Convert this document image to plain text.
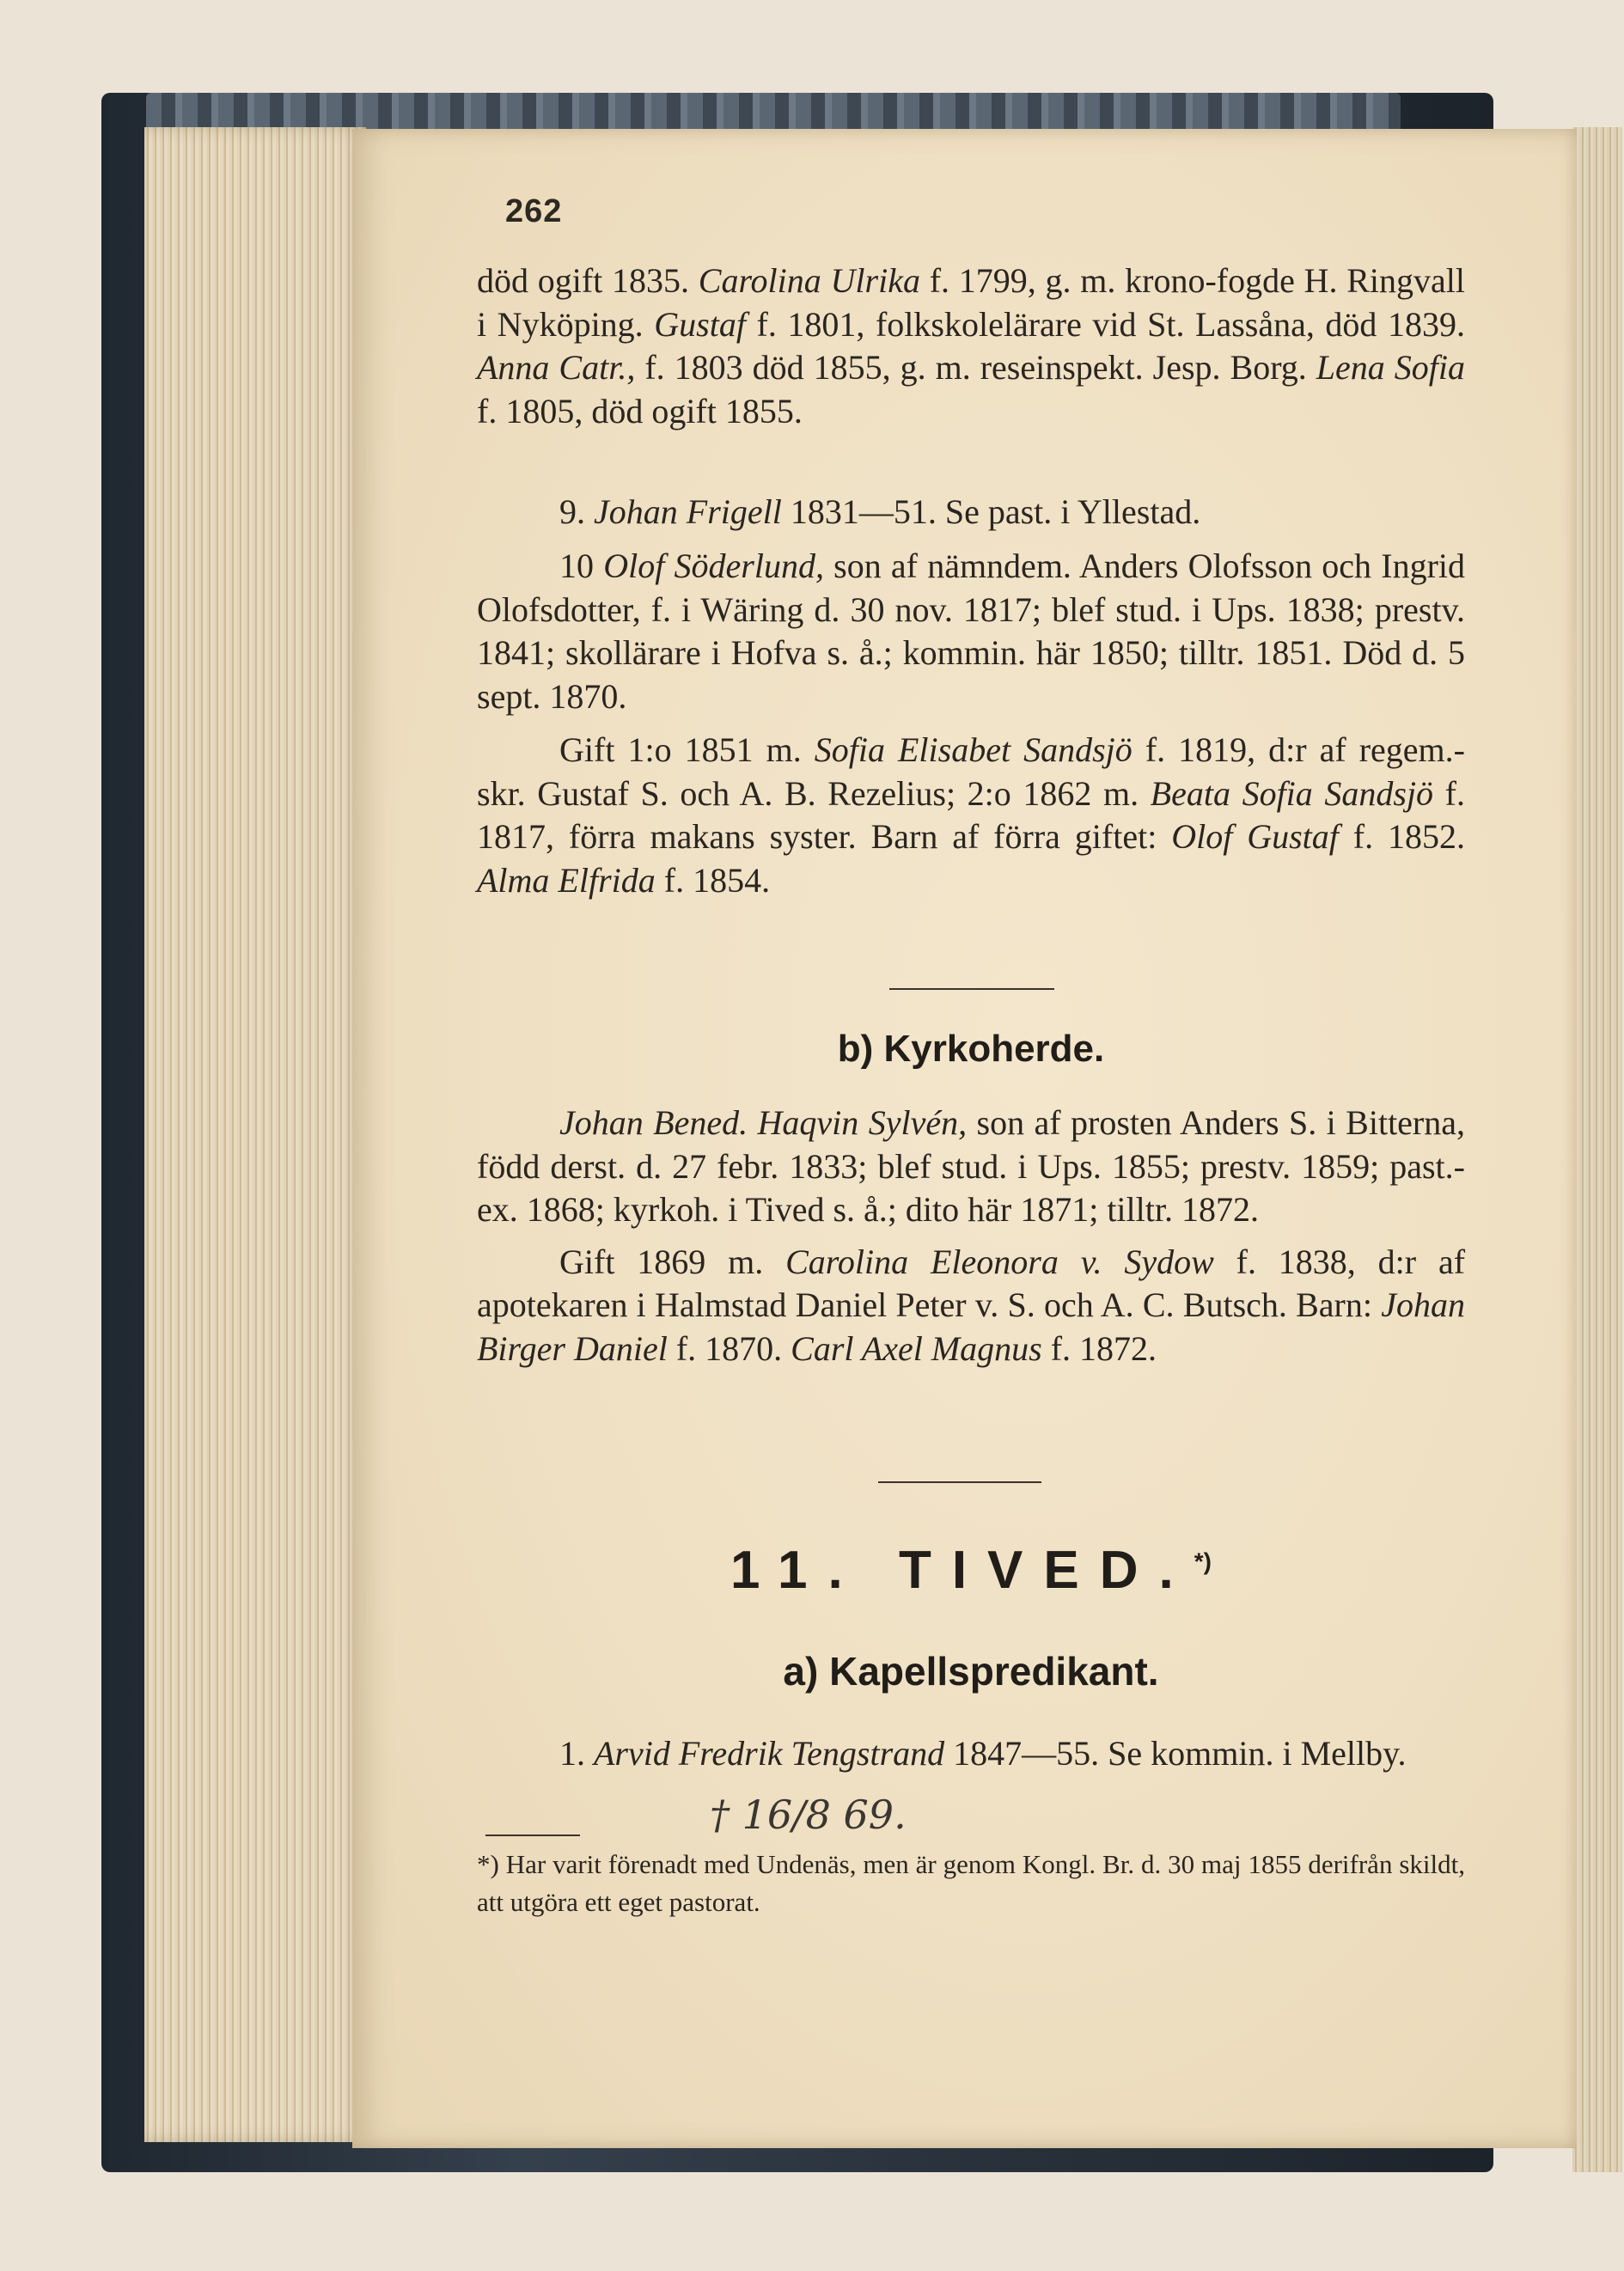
262

död ogift 1835. Carolina Ulrika f. 1799, g. m. krono-fogde H. Ringvall i Nyköping. Gustaf f. 1801, folkskolelärare vid St. Lassåna, död 1839. Anna Catr., f. 1803 död 1855, g. m. reseinspekt. Jesp. Borg. Lena Sofia f. 1805, död ogift 1855.

9. Johan Frigell 1831—51. Se past. i Yllestad.

10 Olof Söderlund, son af nämndem. Anders Olofsson och Ingrid Olofsdotter, f. i Wäring d. 30 nov. 1817; blef stud. i Ups. 1838; prestv. 1841; skollärare i Hofva s. å.; kommin. här 1850; tilltr. 1851. Död d. 5 sept. 1870.

Gift 1:o 1851 m. Sofia Elisabet Sandsjö f. 1819, d:r af regem.-skr. Gustaf S. och A. B. Rezelius; 2:o 1862 m. Beata Sofia Sandsjö f. 1817, förra makans syster. Barn af förra giftet: Olof Gustaf f. 1852. Alma Elfrida f. 1854.

b) Kyrkoherde.

Johan Bened. Haqvin Sylvén, son af prosten Anders S. i Bitterna, född derst. d. 27 febr. 1833; blef stud. i Ups. 1855; prestv. 1859; past.-ex. 1868; kyrkoh. i Tived s. å.; dito här 1871; tilltr. 1872.

Gift 1869 m. Carolina Eleonora v. Sydow f. 1838, d:r af apotekaren i Halmstad Daniel Peter v. S. och A. C. Butsch. Barn: Johan Birger Daniel f. 1870. Carl Axel Magnus f. 1872.

11. TIVED.*)
a) Kapellspredikant.

1. Arvid Fredrik Tengstrand 1847—55. Se kommin. i Mellby.

† 16/8 69.
*) Har varit förenadt med Undenäs, men är genom Kongl. Br. d. 30 maj 1855 derifrån skildt, att utgöra ett eget pastorat.
